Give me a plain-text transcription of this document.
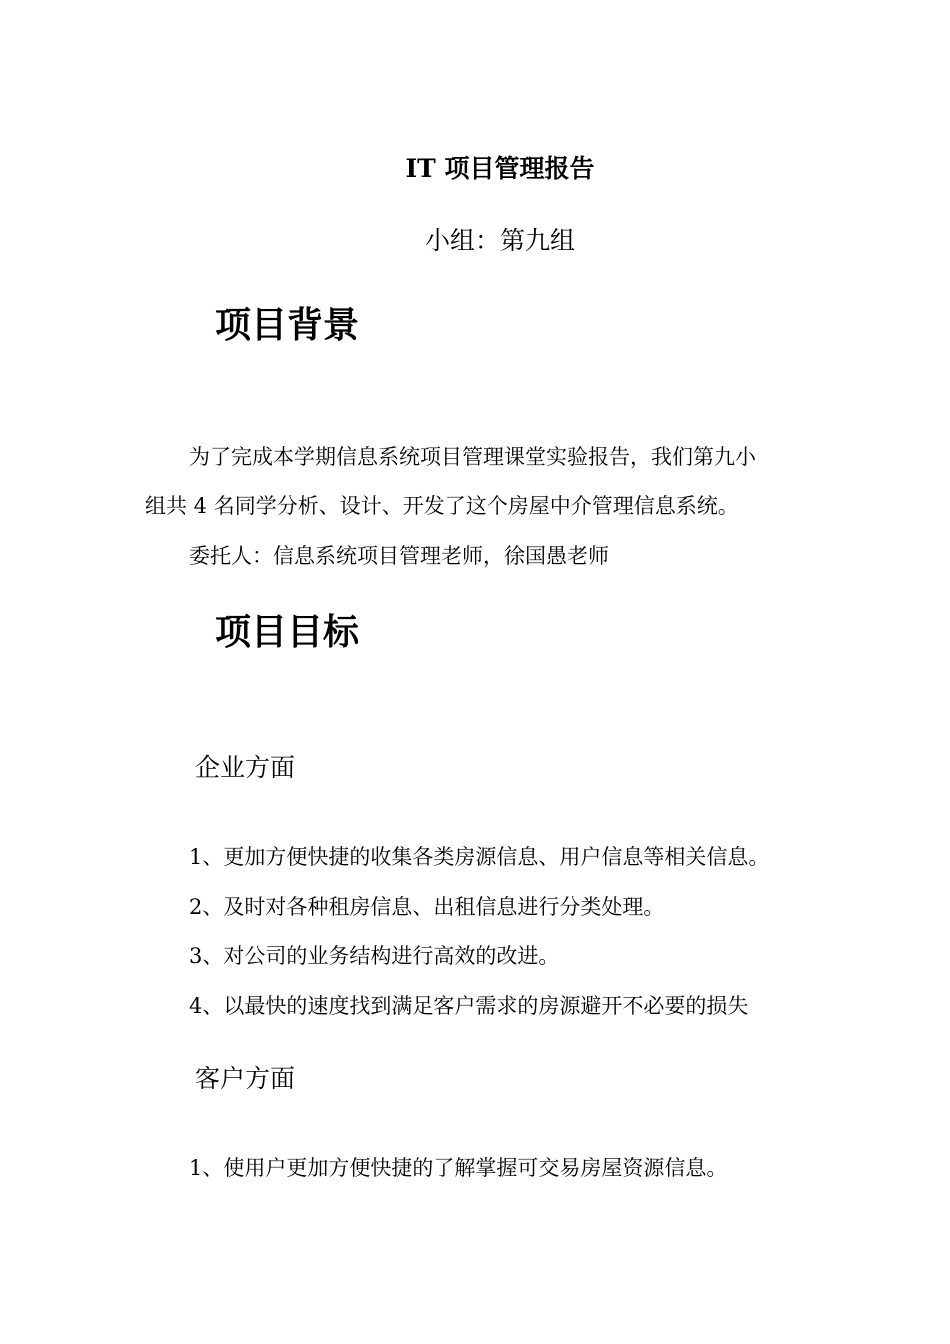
IT 项目管理报告
小组：第九组
项目背景
为了完成本学期信息系统项目管理课堂实验报告，我们第九小
组共 4 名同学分析、设计、开发了这个房屋中介管理信息系统。
委托人：信息系统项目管理老师，徐国愚老师
项目目标
企业方面
1、更加方便快捷的收集各类房源信息、用户信息等相关信息。
2、及时对各种租房信息、出租信息进行分类处理。
3、对公司的业务结构进行高效的改进。
4、以最快的速度找到满足客户需求的房源避开不必要的损失
客户方面
1、使用户更加方便快捷的了解掌握可交易房屋资源信息。
